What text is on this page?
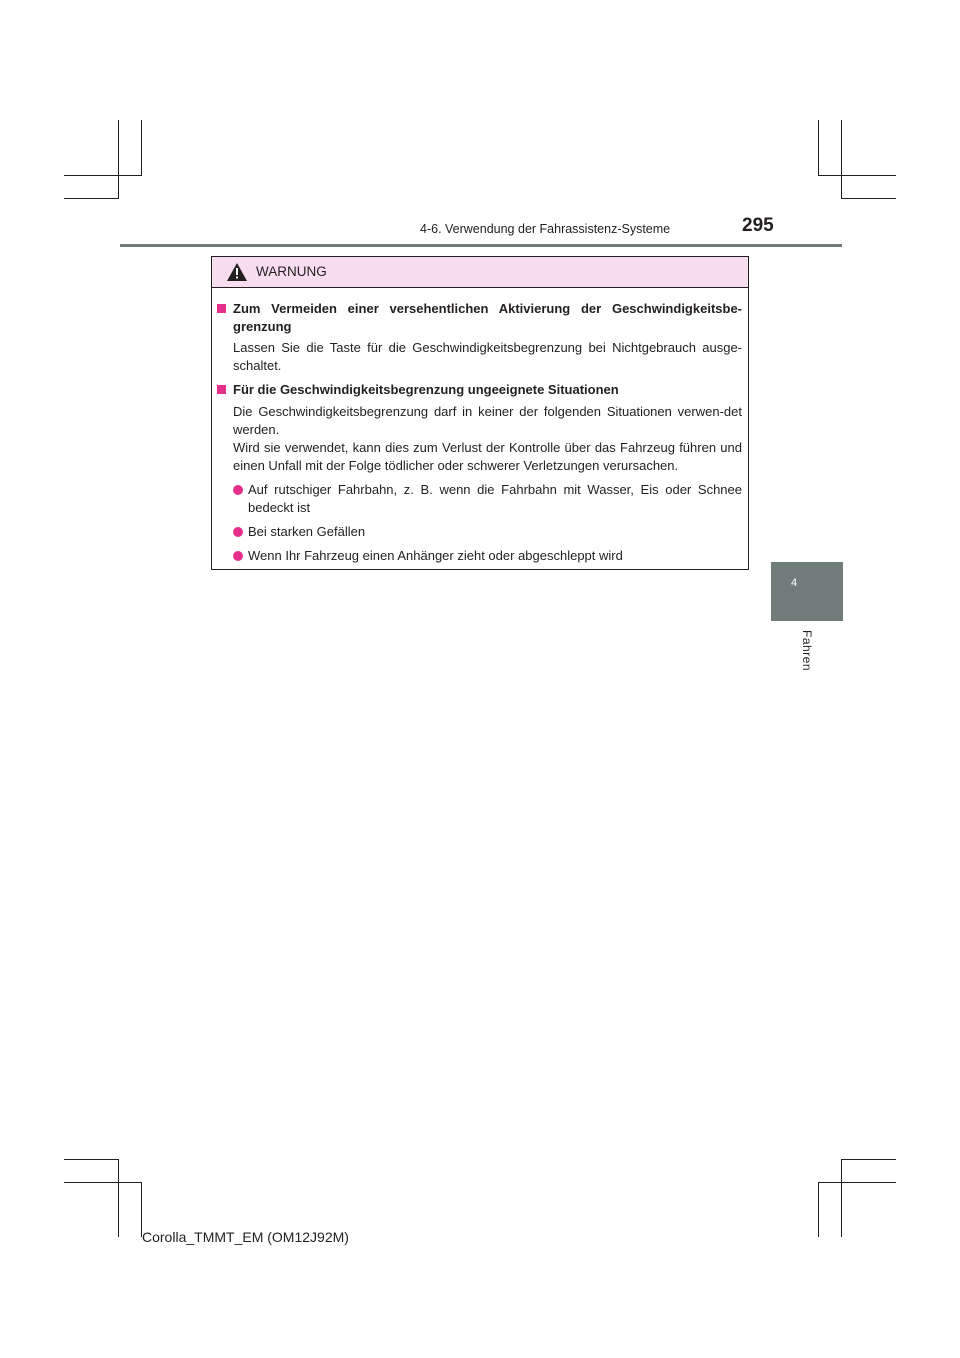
4-6. Verwendung der Fahrassistenz-Systeme	295
4
Fahren
WARNUNG
Zum Vermeiden einer versehentlichen Aktivierung der Geschwindigkeitsbe-grenzung
Lassen Sie die Taste für die Geschwindigkeitsbegrenzung bei Nichtgebrauch ausge-schaltet.
Für die Geschwindigkeitsbegrenzung ungeeignete Situationen
Die Geschwindigkeitsbegrenzung darf in keiner der folgenden Situationen verwen-det werden.
Wird sie verwendet, kann dies zum Verlust der Kontrolle über das Fahrzeug führen und einen Unfall mit der Folge tödlicher oder schwerer Verletzungen verursachen.
Auf rutschiger Fahrbahn, z. B. wenn die Fahrbahn mit Wasser, Eis oder Schnee bedeckt ist
Bei starken Gefällen
Wenn Ihr Fahrzeug einen Anhänger zieht oder abgeschleppt wird
Corolla_TMMT_EM (OM12J92M)
